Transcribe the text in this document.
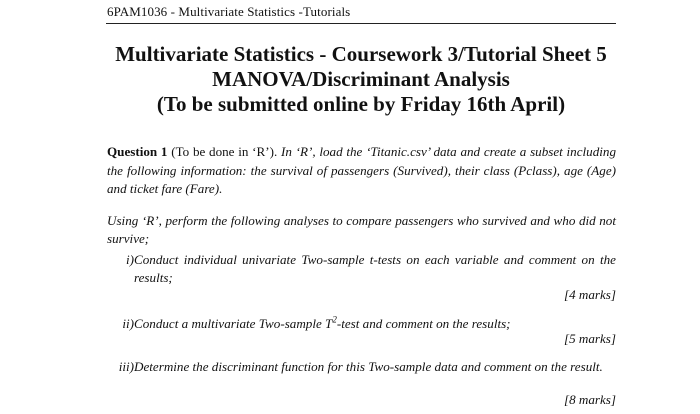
6PAM1036 - Multivariate Statistics -Tutorials
Multivariate Statistics - Coursework 3/Tutorial Sheet 5
MANOVA/Discriminant Analysis
(To be submitted online by Friday 16th April)
Question 1 (To be done in ‘R’). In ‘R’, load the ‘Titanic.csv’ data and create a subset including the following information: the survival of passengers (Survived), their class (Pclass), age (Age) and ticket fare (Fare).
Using ‘R’, perform the following analyses to compare passengers who survived and who did not survive;
i) Conduct individual univariate Two-sample t-tests on each variable and comment on the results;
[4 marks]
ii) Conduct a multivariate Two-sample $T^2$-test and comment on the results;
[5 marks]
iii) Determine the discriminant function for this Two-sample data and comment on the result.
[8 marks]
